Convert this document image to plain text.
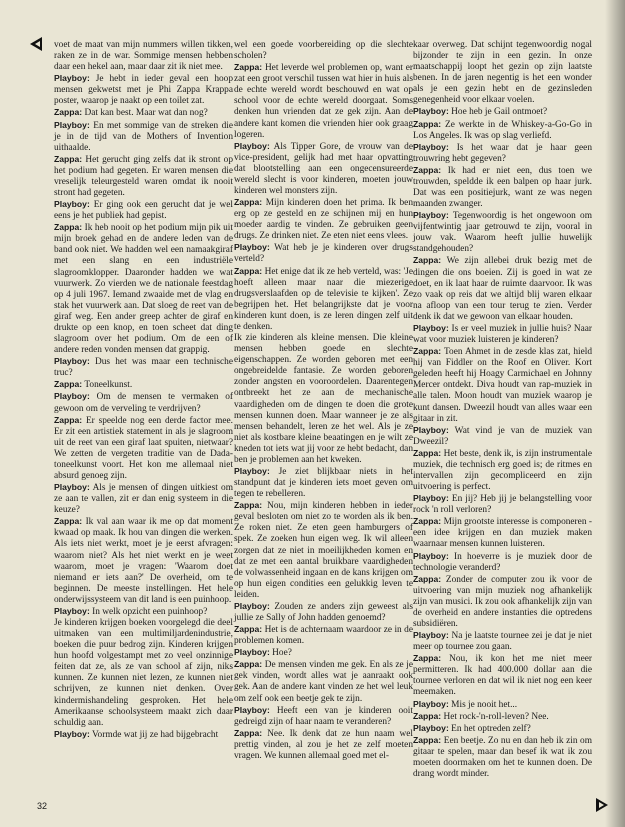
voet de maat van mijn nummers willen tikken, raken ze in de war. Sommige mensen hebben daar een hekel aan, maar daar zit ik niet mee.

Playboy: Je hebt in ieder geval een hoop mensen gekwetst met je Phi Zappa Krappa poster, waarop je naakt op een toilet zat.

Zappa: Dat kan best. Maar wat dan nog?

Playboy: En met sommige van de streken die je in de tijd van de Mothers of Invention uithaalde.

Zappa: Het gerucht ging zelfs dat ik stront op het podium had gegeten. Er waren mensen die vreselijk teleurgesteld waren omdat ik nooit stront had gegeten.

Playboy: Er ging ook een gerucht dat je wel eens je het publiek had gepist.

Zappa: Ik heb nooit op het podium mijn pik uit mijn broek gehad en de andere leden van de band ook niet. We hadden wel een namaakgiraf met een slang en een industriële slagroomklopper. Daaronder hadden we wat vuurwerk. Zo vierden we de nationale feestdag op 4 juli 1967. Iemand zwaaide met de vlag en stak het vuurwerk aan. Dat sloeg de reet van de giraf weg. Een ander greep achter de giraf en drukte op een knop, en toen scheet dat ding slagroom over het podium. Om de een of andere reden vonden mensen dat grappig.

Playboy: Dus het was maar een technische truc?

Zappa: Toneelkunst.

Playboy: Om de mensen te vermaken of gewoon om de verveling te verdrijven?

Zappa: Er speelde nog een derde factor mee. Er zit een artistiek statement in als je slagroom uit de reet van een giraf laat spuiten, nietwaar? We zetten de vergeten traditie van de Dada-toneelkunst voort. Het kon me allemaal niet absurd genoeg zijn.

Playboy: Als je mensen of dingen uitkiest om ze aan te vallen, zit er dan enig systeem in die keuze?

Zappa: Ik val aan waar ik me op dat moment kwaad op maak. Ik hou van dingen die werken. Als iets niet werkt, moet je je eerst afvragen: waarom niet? Als het niet werkt en je weet waarom, moet je vragen: 'Waarom doet niemand er iets aan?' De overheid, om te beginnen. De meeste instellingen. Het hele onderwijssysteem van dit land is een puinhoop.

Playboy: In welk opzicht een puinhoop?

Je kinderen krijgen boeken voorgelegd die deel uitmaken van een multimiljardenindustrie, boeken die puur bedrog zijn. Kinderen krijgen hun hoofd volgestampt met zo veel onzinnige feiten dat ze, als ze van school af zijn, niks kunnen. Ze kunnen niet lezen, ze kunnen niet schrijven, ze kunnen niet denken. Over kindermishandeling gesproken. Het hele Amerikaanse schoolsysteem maakt zich daar schuldig aan.

Playboy: Vormde wat jij ze had bijgebracht

wel een goede voorbereiding op die slechte scholen?

Zappa: Het leverde wel problemen op, want er zat een groot verschil tussen wat hier in huis als de echte wereld wordt beschouwd en wat op school voor de echte wereld doorgaat. Soms denken hun vrienden dat ze gek zijn. Aan de andere kant komen die vrienden hier ook graag logeren.

Playboy: Als Tipper Gore, de vrouw van de vice-president, gelijk had met haar opvatting dat blootstelling aan een ongecensureerde wereld slecht is voor kinderen, moeten jouw kinderen wel monsters zijn.

Zappa: Mijn kinderen doen het prima. Ik ben erg op ze gesteld en ze schijnen mij en hun moeder aardig te vinden. Ze gebruiken geen drugs. Ze drinken niet. Ze eten niet eens vlees.

Playboy: Wat heb je je kinderen over drugs verteld?

Zappa: Het enige dat ik ze heb verteld, was: 'Je hoeft alleen maar naar die miezerige drugsverslaafden op de televisie te kijken'. Ze begrijpen het. Het belangrijkste dat je voor kinderen kunt doen, is ze leren dingen zelf uit te denken.

Ik zie kinderen als kleine mensen. Die kleine mensen hebben goede en slechte eigenschappen. Ze worden geboren met een ongebreidelde fantasie. Ze worden geboren zonder angsten en vooroordelen. Daarentegen ontbreekt het ze aan de mechanische vaardigheden om de dingen te doen die grote mensen kunnen doen. Maar wanneer je ze als mensen behandelt, leren ze het wel. Als je ze niet als kostbare kleine beaatingen en je wilt ze kneden tot iets wat jij voor ze hebt bedacht, dan ben je problemen aan het kweken.

Playboy: Je ziet blijkbaar niets in het standpunt dat je kinderen iets moet geven om tegen te rebelleren.

Zappa: Nou, mijn kinderen hebben in ieder geval besloten om niet zo te worden als ik ben. Ze roken niet. Ze eten geen hamburgers of spek. Ze zoeken hun eigen weg. Ik wil alleen zorgen dat ze niet in moeilijkheden komen en dat ze met een aantal bruikbare vaardigheden de volwassenheid ingaan en de kans krijgen om op hun eigen condities een gelukkig leven te leiden.

Playboy: Zouden ze anders zijn geweest als jullie ze Sally of John hadden genoemd?

Zappa: Het is de achternaam waardoor ze in de problemen komen.

Playboy: Hoe?

Zappa: De mensen vinden me gek. En als ze je gek vinden, wordt alles wat je aanraakt ook gek. Aan de andere kant vinden ze het wel leuk om zelf ook een beetje gek te zijn.

Playboy: Heeft een van je kinderen ooit gedreigd zijn of haar naam te veranderen?

Zappa: Nee. Ik denk dat ze hun naam wel prettig vinden, al zou je het ze zelf moeten vragen. We kunnen allemaal goed met el-

kaar overweg. Dat schijnt tegenwoordig nogal bijzonder te zijn in een gezin. In onze maatschappij loopt het gezin op zijn laatste benen. In de jaren negentig is het een wonder als je een gezin hebt en de gezinsleden genegenheid voor elkaar voelen.

Playboy: Hoe heb je Gail ontmoet?

Zappa: Ze werkte in de Whiskey-a-Go-Go in Los Angeles. Ik was op slag verliefd.

Playboy: Is het waar dat je haar geen trouwring hebt gegeven?

Zappa: Ik had er niet een, dus toen we trouwden, speldde ik een balpen op haar jurk. Dat was een positiejurk, want ze was negen maanden zwanger.

Playboy: Tegenwoordig is het ongewoon om vijfentwintig jaar getrouwd te zijn, vooral in jouw vak. Waarom heeft jullie huwelijk standgehouden?

Zappa: We zijn allebei druk bezig met de dingen die ons boeien. Zij is goed in wat ze doet, en ik laat haar de ruimte daarvoor. Ik was zo vaak op reis dat we altijd blij waren elkaar na afloop van een tour terug te zien. Verder denk ik dat we gewoon van elkaar houden.

Playboy: Is er veel muziek in jullie huis? Naar wat voor muziek luisteren je kinderen?

Zappa: Toen Ahmet in de zesde klas zat, hield hij van Fiddler on the Roof en Oliver. Kort geleden heeft hij Hoagy Carmichael en Johnny Mercer ontdekt. Diva houdt van rap-muziek in alle talen. Moon houdt van muziek waarop je kunt dansen. Dweezil houdt van alles waar een gitaar in zit.

Playboy: Wat vind je van de muziek van Dweezil?

Zappa: Het beste, denk ik, is zijn instrumentale muziek, die technisch erg goed is; de ritmes en intervallen zijn gecompliceerd en zijn uitvoering is perfect.

Playboy: En jij? Heb jij je belangstelling voor rock 'n roll verloren?

Zappa: Mijn grootste interesse is componeren - een idee krijgen en dan muziek maken waarnaar mensen kunnen luisteren.

Playboy: In hoeverre is je muziek door de technologie veranderd?

Zappa: Zonder de computer zou ik voor de uitvoering van mijn muziek nog afhankelijk zijn van musici. Ik zou ook afhankelijk zijn van de overheid en andere instanties die optredens subsidiëren.

Playboy: Na je laatste tournee zei je dat je niet meer op tournee zou gaan.

Zappa: Nou, ik kon het me niet meer permitteren. Ik had 400.000 dollar aan die tournee verloren en dat wil ik niet nog een keer meemaken.

Playboy: Mis je nooit het...

Zappa: Het rock-'n-roll-leven? Nee.

Playboy: En het optreden zelf?

Zappa: Een beetje. Zo nu en dan heb ik zin om gitaar te spelen, maar dan besef ik wat ik zou moeten doormaken om het te kunnen doen. De drang wordt minder.

32
